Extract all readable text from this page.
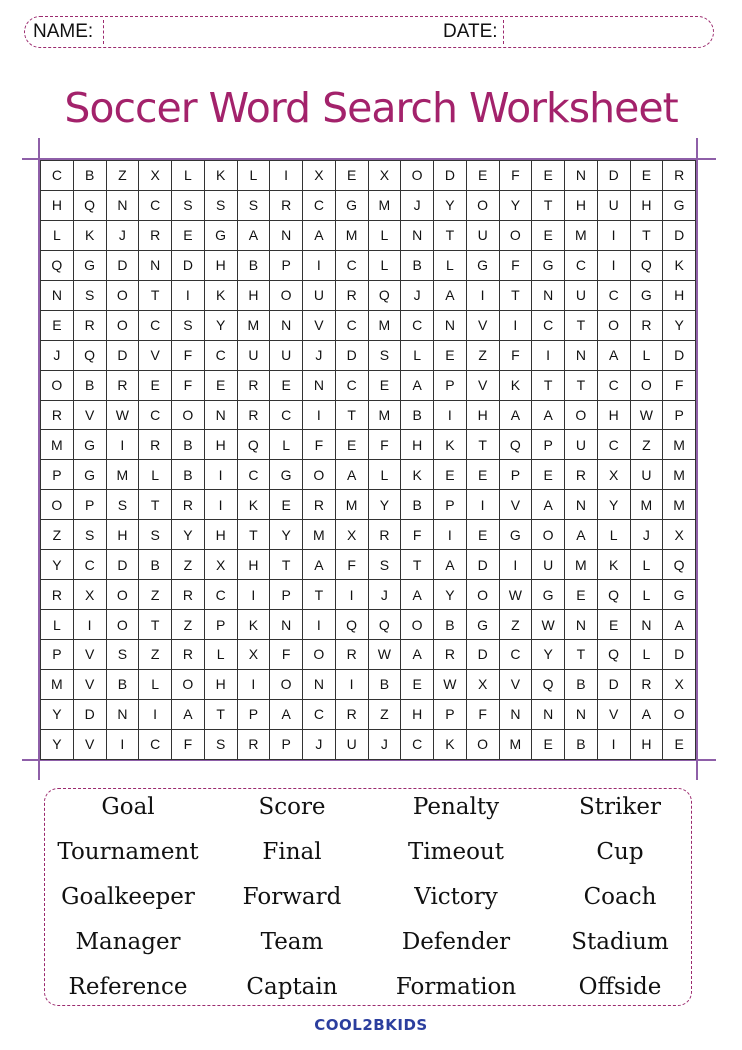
NAME:	DATE:
Soccer Word Search Worksheet
C	B	Z	X	L	K	L	I	X	E	X	O	D	E	F	E	N	D	E	R
H	Q	N	C	S	S	S	R	C	G	M	J	Y	O	Y	T	H	U	H	G
L	K	J	R	E	G	A	N	A	M	L	N	T	U	O	E	M	I	T	D
Q	G	D	N	D	H	B	P	I	C	L	B	L	G	F	G	C	I	Q	K
N	S	O	T	I	K	H	O	U	R	Q	J	A	I	T	N	U	C	G	H
E	R	O	C	S	Y	M	N	V	C	M	C	N	V	I	C	T	O	R	Y
J	Q	D	V	F	C	U	U	J	D	S	L	E	Z	F	I	N	A	L	D
O	B	R	E	F	E	R	E	N	C	E	A	P	V	K	T	T	C	O	F
R	V	W	C	O	N	R	C	I	T	M	B	I	H	A	A	O	H	W	P
M	G	I	R	B	H	Q	L	F	E	F	H	K	T	Q	P	U	C	Z	M
P	G	M	L	B	I	C	G	O	A	L	K	E	E	P	E	R	X	U	M
O	P	S	T	R	I	K	E	R	M	Y	B	P	I	V	A	N	Y	M	M
Z	S	H	S	Y	H	T	Y	M	X	R	F	I	E	G	O	A	L	J	X
Y	C	D	B	Z	X	H	T	A	F	S	T	A	D	I	U	M	K	L	Q
R	X	O	Z	R	C	I	P	T	I	J	A	Y	O	W	G	E	Q	L	G
L	I	O	T	Z	P	K	N	I	Q	Q	O	B	G	Z	W	N	E	N	A
P	V	S	Z	R	L	X	F	O	R	W	A	R	D	C	Y	T	Q	L	D
M	V	B	L	O	H	I	O	N	I	B	E	W	X	V	Q	B	D	R	X
Y	D	N	I	A	T	P	A	C	R	Z	H	P	F	N	N	N	V	A	O
Y	V	I	C	F	S	R	P	J	U	J	C	K	O	M	E	B	I	H	E
Goal	Score	Penalty	Striker
Tournament	Final	Timeout	Cup
Goalkeeper	Forward	Victory	Coach
Manager	Team	Defender	Stadium
Reference	Captain	Formation	Offside
COOL2BKIDS
